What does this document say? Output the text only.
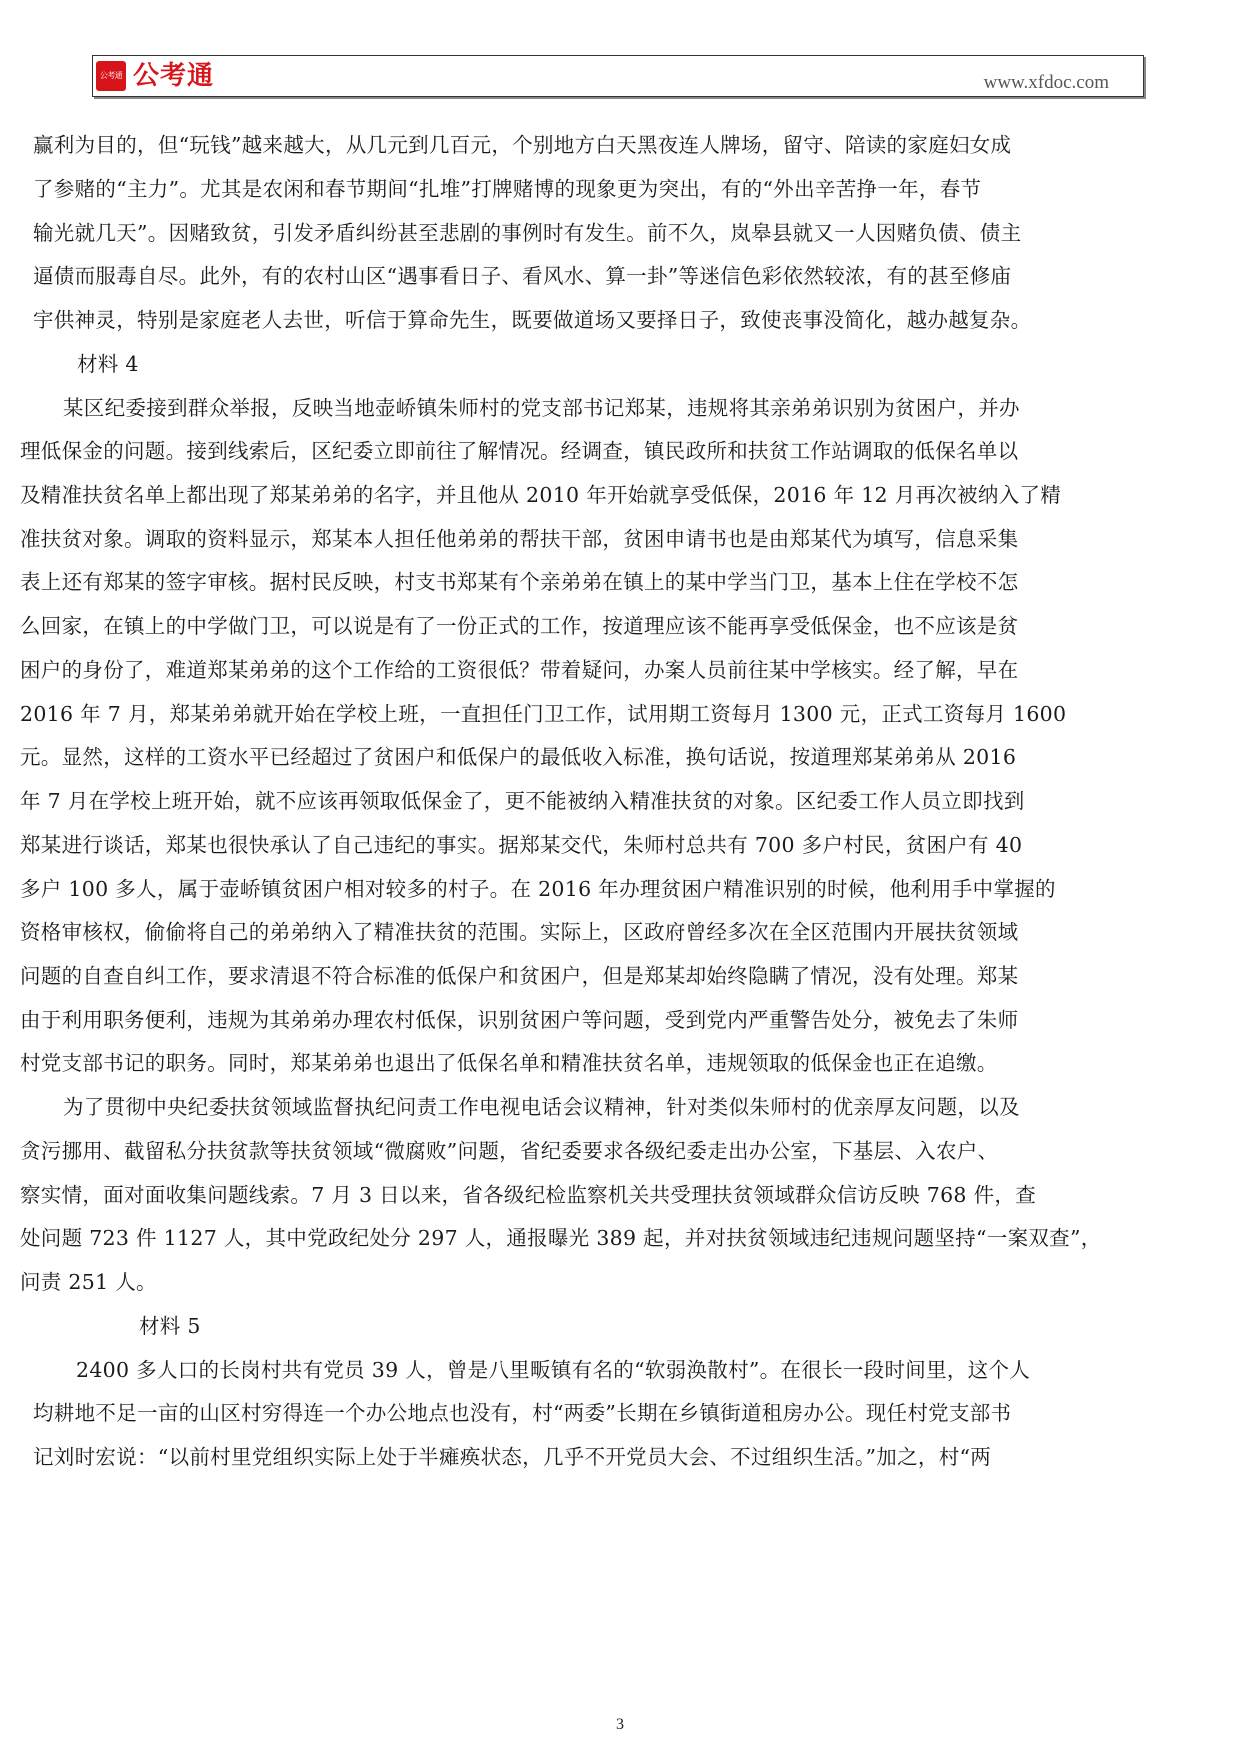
公考通 公考通	www.xfdoc.com
赢利为目的，但“玩钱”越来越大，从几元到几百元，个别地方白天黑夜连人牌场，留守、陪读的家庭妇女成
了参赌的“主力”。尤其是农闲和春节期间“扎堆”打牌赌博的现象更为突出，有的“外出辛苦挣一年，春节
输光就几天”。因赌致贫，引发矛盾纠纷甚至悲剧的事例时有发生。前不久，岚皋县就又一人因赌负债、债主
逼债而服毒自尽。此外，有的农村山区“遇事看日子、看风水、算一卦”等迷信色彩依然较浓，有的甚至修庙
宇供神灵，特别是家庭老人去世，听信于算命先生，既要做道场又要择日子，致使丧事没简化，越办越复杂。
材料 4
某区纪委接到群众举报，反映当地壶峤镇朱师村的党支部书记郑某，违规将其亲弟弟识别为贫困户，并办
理低保金的问题。接到线索后，区纪委立即前往了解情况。经调查，镇民政所和扶贫工作站调取的低保名单以
及精准扶贫名单上都出现了郑某弟弟的名字，并且他从 2010 年开始就享受低保，2016 年 12 月再次被纳入了精
准扶贫对象。调取的资料显示，郑某本人担任他弟弟的帮扶干部，贫困申请书也是由郑某代为填写，信息采集
表上还有郑某的签字审核。据村民反映，村支书郑某有个亲弟弟在镇上的某中学当门卫，基本上住在学校不怎
么回家，在镇上的中学做门卫，可以说是有了一份正式的工作，按道理应该不能再享受低保金，也不应该是贫
困户的身份了，难道郑某弟弟的这个工作给的工资很低？带着疑问，办案人员前往某中学核实。经了解，早在
2016 年 7 月，郑某弟弟就开始在学校上班，一直担任门卫工作，试用期工资每月 1300 元，正式工资每月 1600
元。显然，这样的工资水平已经超过了贫困户和低保户的最低收入标准，换句话说，按道理郑某弟弟从 2016
年 7 月在学校上班开始，就不应该再领取低保金了，更不能被纳入精准扶贫的对象。区纪委工作人员立即找到
郑某进行谈话，郑某也很快承认了自己违纪的事实。据郑某交代，朱师村总共有 700 多户村民，贫困户有 40
多户 100 多人，属于壶峤镇贫困户相对较多的村子。在 2016 年办理贫困户精准识别的时候，他利用手中掌握的
资格审核权，偷偷将自己的弟弟纳入了精准扶贫的范围。实际上，区政府曾经多次在全区范围内开展扶贫领域
问题的自查自纠工作，要求清退不符合标准的低保户和贫困户，但是郑某却始终隐瞒了情况，没有处理。郑某
由于利用职务便利，违规为其弟弟办理农村低保，识别贫困户等问题，受到党内严重警告处分，被免去了朱师
村党支部书记的职务。同时，郑某弟弟也退出了低保名单和精准扶贫名单，违规领取的低保金也正在追缴。
为了贯彻中央纪委扶贫领域监督执纪问责工作电视电话会议精神，针对类似朱师村的优亲厚友问题，以及
贪污挪用、截留私分扶贫款等扶贫领域“微腐败”问题，省纪委要求各级纪委走出办公室，下基层、入农户、
察实情，面对面收集问题线索。7 月 3 日以来，省各级纪检监察机关共受理扶贫领域群众信访反映 768 件，查
处问题 723 件 1127 人，其中党政纪处分 297 人，通报曝光 389 起，并对扶贫领域违纪违规问题坚持“一案双查”，
问责 251 人。
材料 5
2400 多人口的长岗村共有党员 39 人，曾是八里畈镇有名的“软弱涣散村”。在很长一段时间里，这个人
均耕地不足一亩的山区村穷得连一个办公地点也没有，村“两委”长期在乡镇街道租房办公。现任村党支部书
记刘时宏说：“以前村里党组织实际上处于半瘫痪状态，几乎不开党员大会、不过组织生活。”加之，村“两
3
